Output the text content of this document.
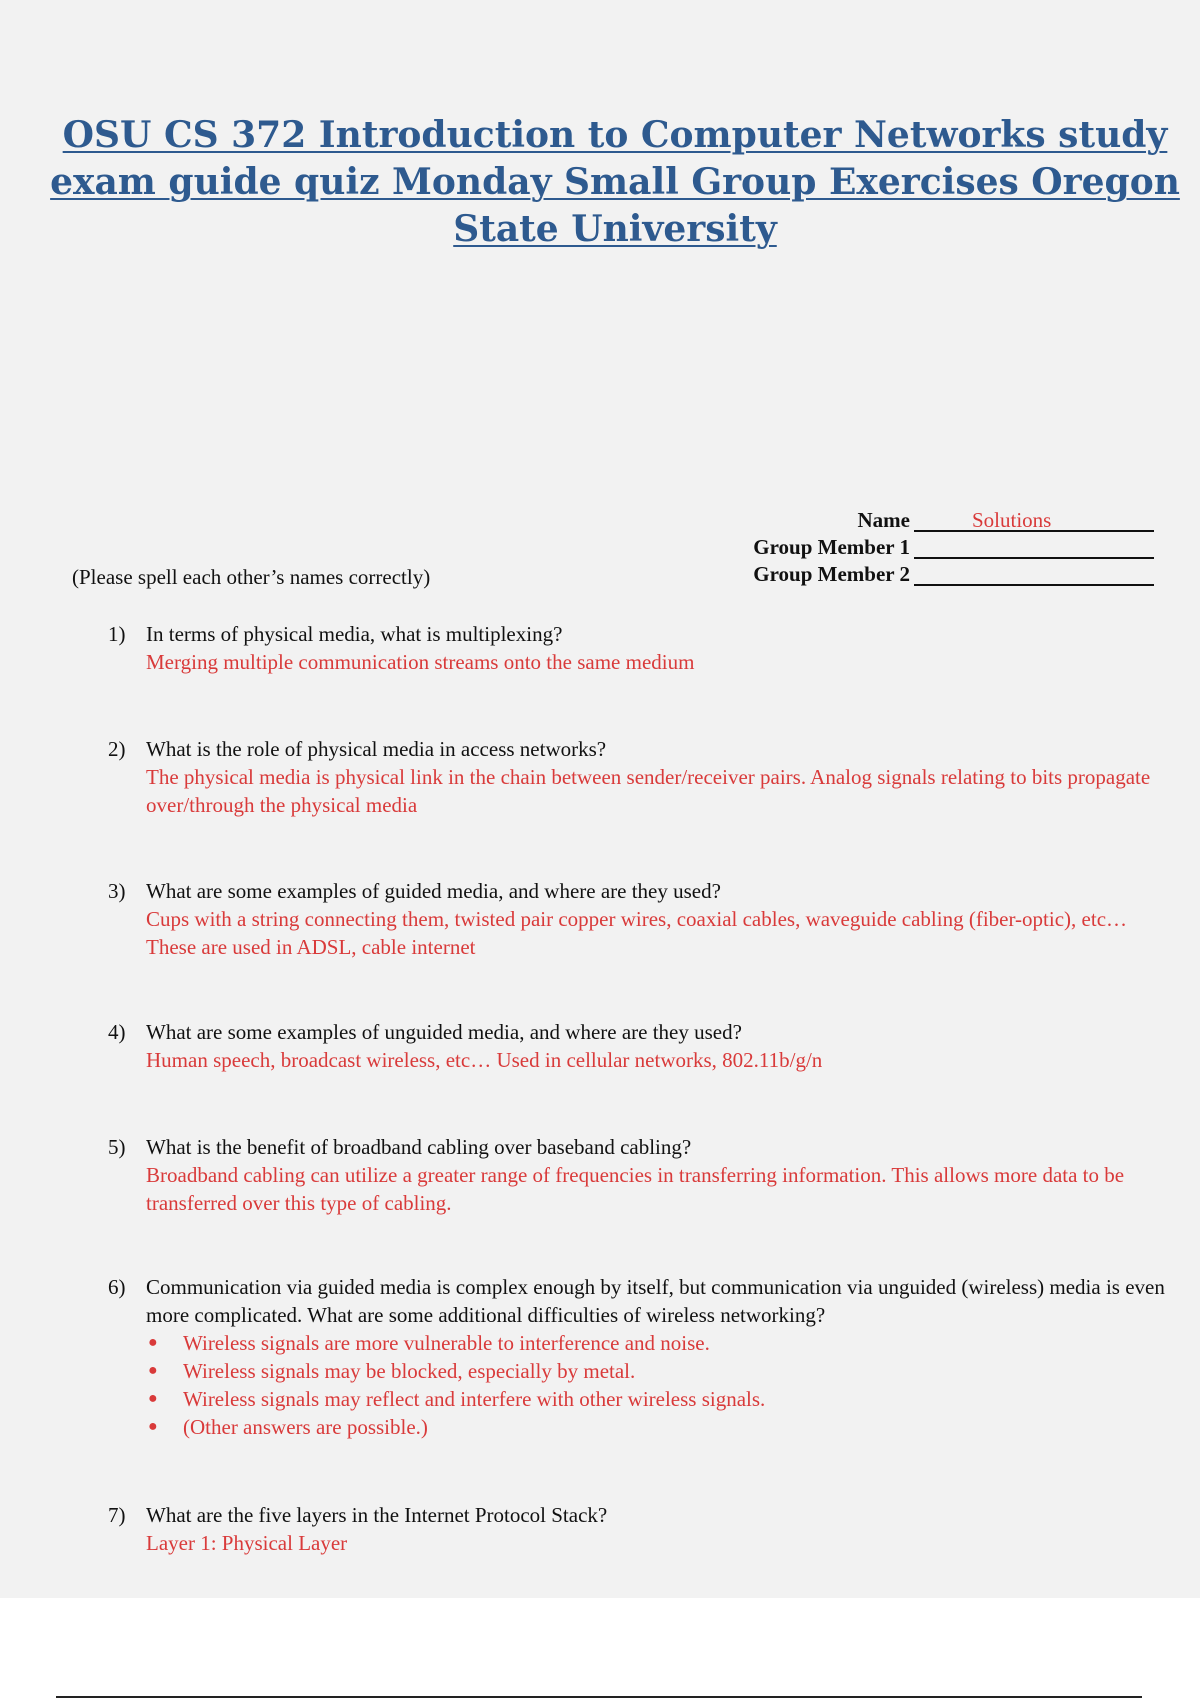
OSU CS 372 Introduction to Computer Networks study exam guide quiz Monday Small Group Exercises Oregon State University
Name	Solutions
Group Member 1
Group Member 2
(Please spell each other’s names correctly)
1) In terms of physical media, what is multiplexing?
Merging multiple communication streams onto the same medium
2) What is the role of physical media in access networks?
The physical media is physical link in the chain between sender/receiver pairs. Analog signals relating to bits propagate over/through the physical media
3) What are some examples of guided media, and where are they used?
Cups with a string connecting them, twisted pair copper wires, coaxial cables, waveguide cabling (fiber-optic), etc… These are used in ADSL, cable internet
4) What are some examples of unguided media, and where are they used?
Human speech, broadcast wireless, etc… Used in cellular networks, 802.11b/g/n
5) What is the benefit of broadband cabling over baseband cabling?
Broadband cabling can utilize a greater range of frequencies in transferring information. This allows more data to be transferred over this type of cabling.
6) Communication via guided media is complex enough by itself, but communication via unguided (wireless) media is even more complicated. What are some additional difficulties of wireless networking?
● Wireless signals are more vulnerable to interference and noise.
● Wireless signals may be blocked, especially by metal.
● Wireless signals may reflect and interfere with other wireless signals.
● (Other answers are possible.)
7) What are the five layers in the Internet Protocol Stack?
Layer 1: Physical Layer
